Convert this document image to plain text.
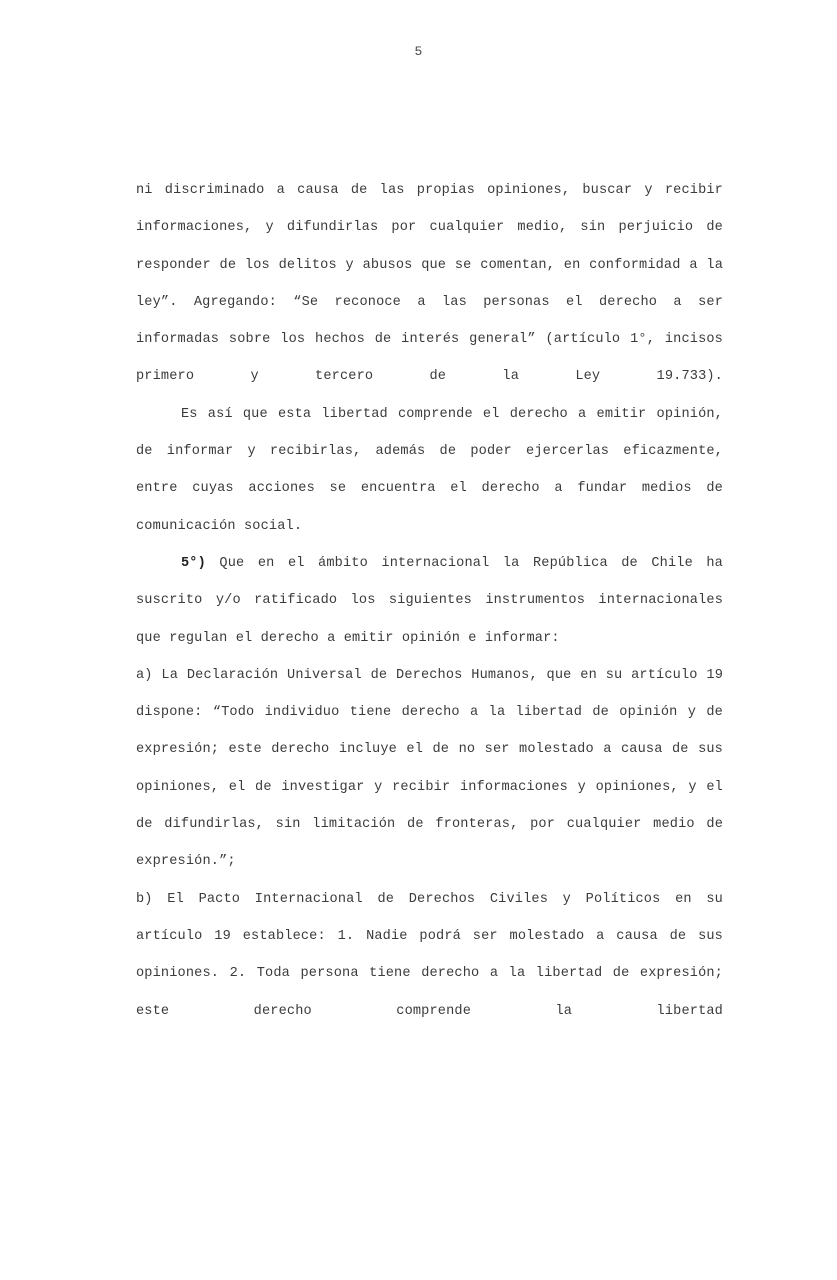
5

ni discriminado a causa de las propias opiniones, buscar y recibir informaciones, y difundirlas por cualquier medio, sin perjuicio de responder de los delitos y abusos que se comentan, en conformidad a la ley”. Agregando: “Se reconoce a las personas el derecho a ser informadas sobre los hechos de interés general” (artículo 1°, incisos primero y tercero de la Ley 19.733).

Es así que esta libertad comprende el derecho a emitir opinión, de informar y recibirlas, además de poder ejercerlas eficazmente, entre cuyas acciones se encuentra el derecho a fundar medios de comunicación social.

5°) Que en el ámbito internacional la República de Chile ha suscrito y/o ratificado los siguientes instrumentos internacionales que regulan el derecho a emitir opinión e informar:

a) La Declaración Universal de Derechos Humanos, que en su artículo 19 dispone: “Todo individuo tiene derecho a la libertad de opinión y de expresión; este derecho incluye el de no ser molestado a causa de sus opiniones, el de investigar y recibir informaciones y opiniones, y el de difundirlas, sin limitación de fronteras, por cualquier medio de expresión.”;

b) El Pacto Internacional de Derechos Civiles y Políticos en su artículo 19 establece: 1. Nadie podrá ser molestado a causa de sus opiniones. 2. Toda persona tiene derecho a la libertad de expresión; este derecho comprende la libertad
